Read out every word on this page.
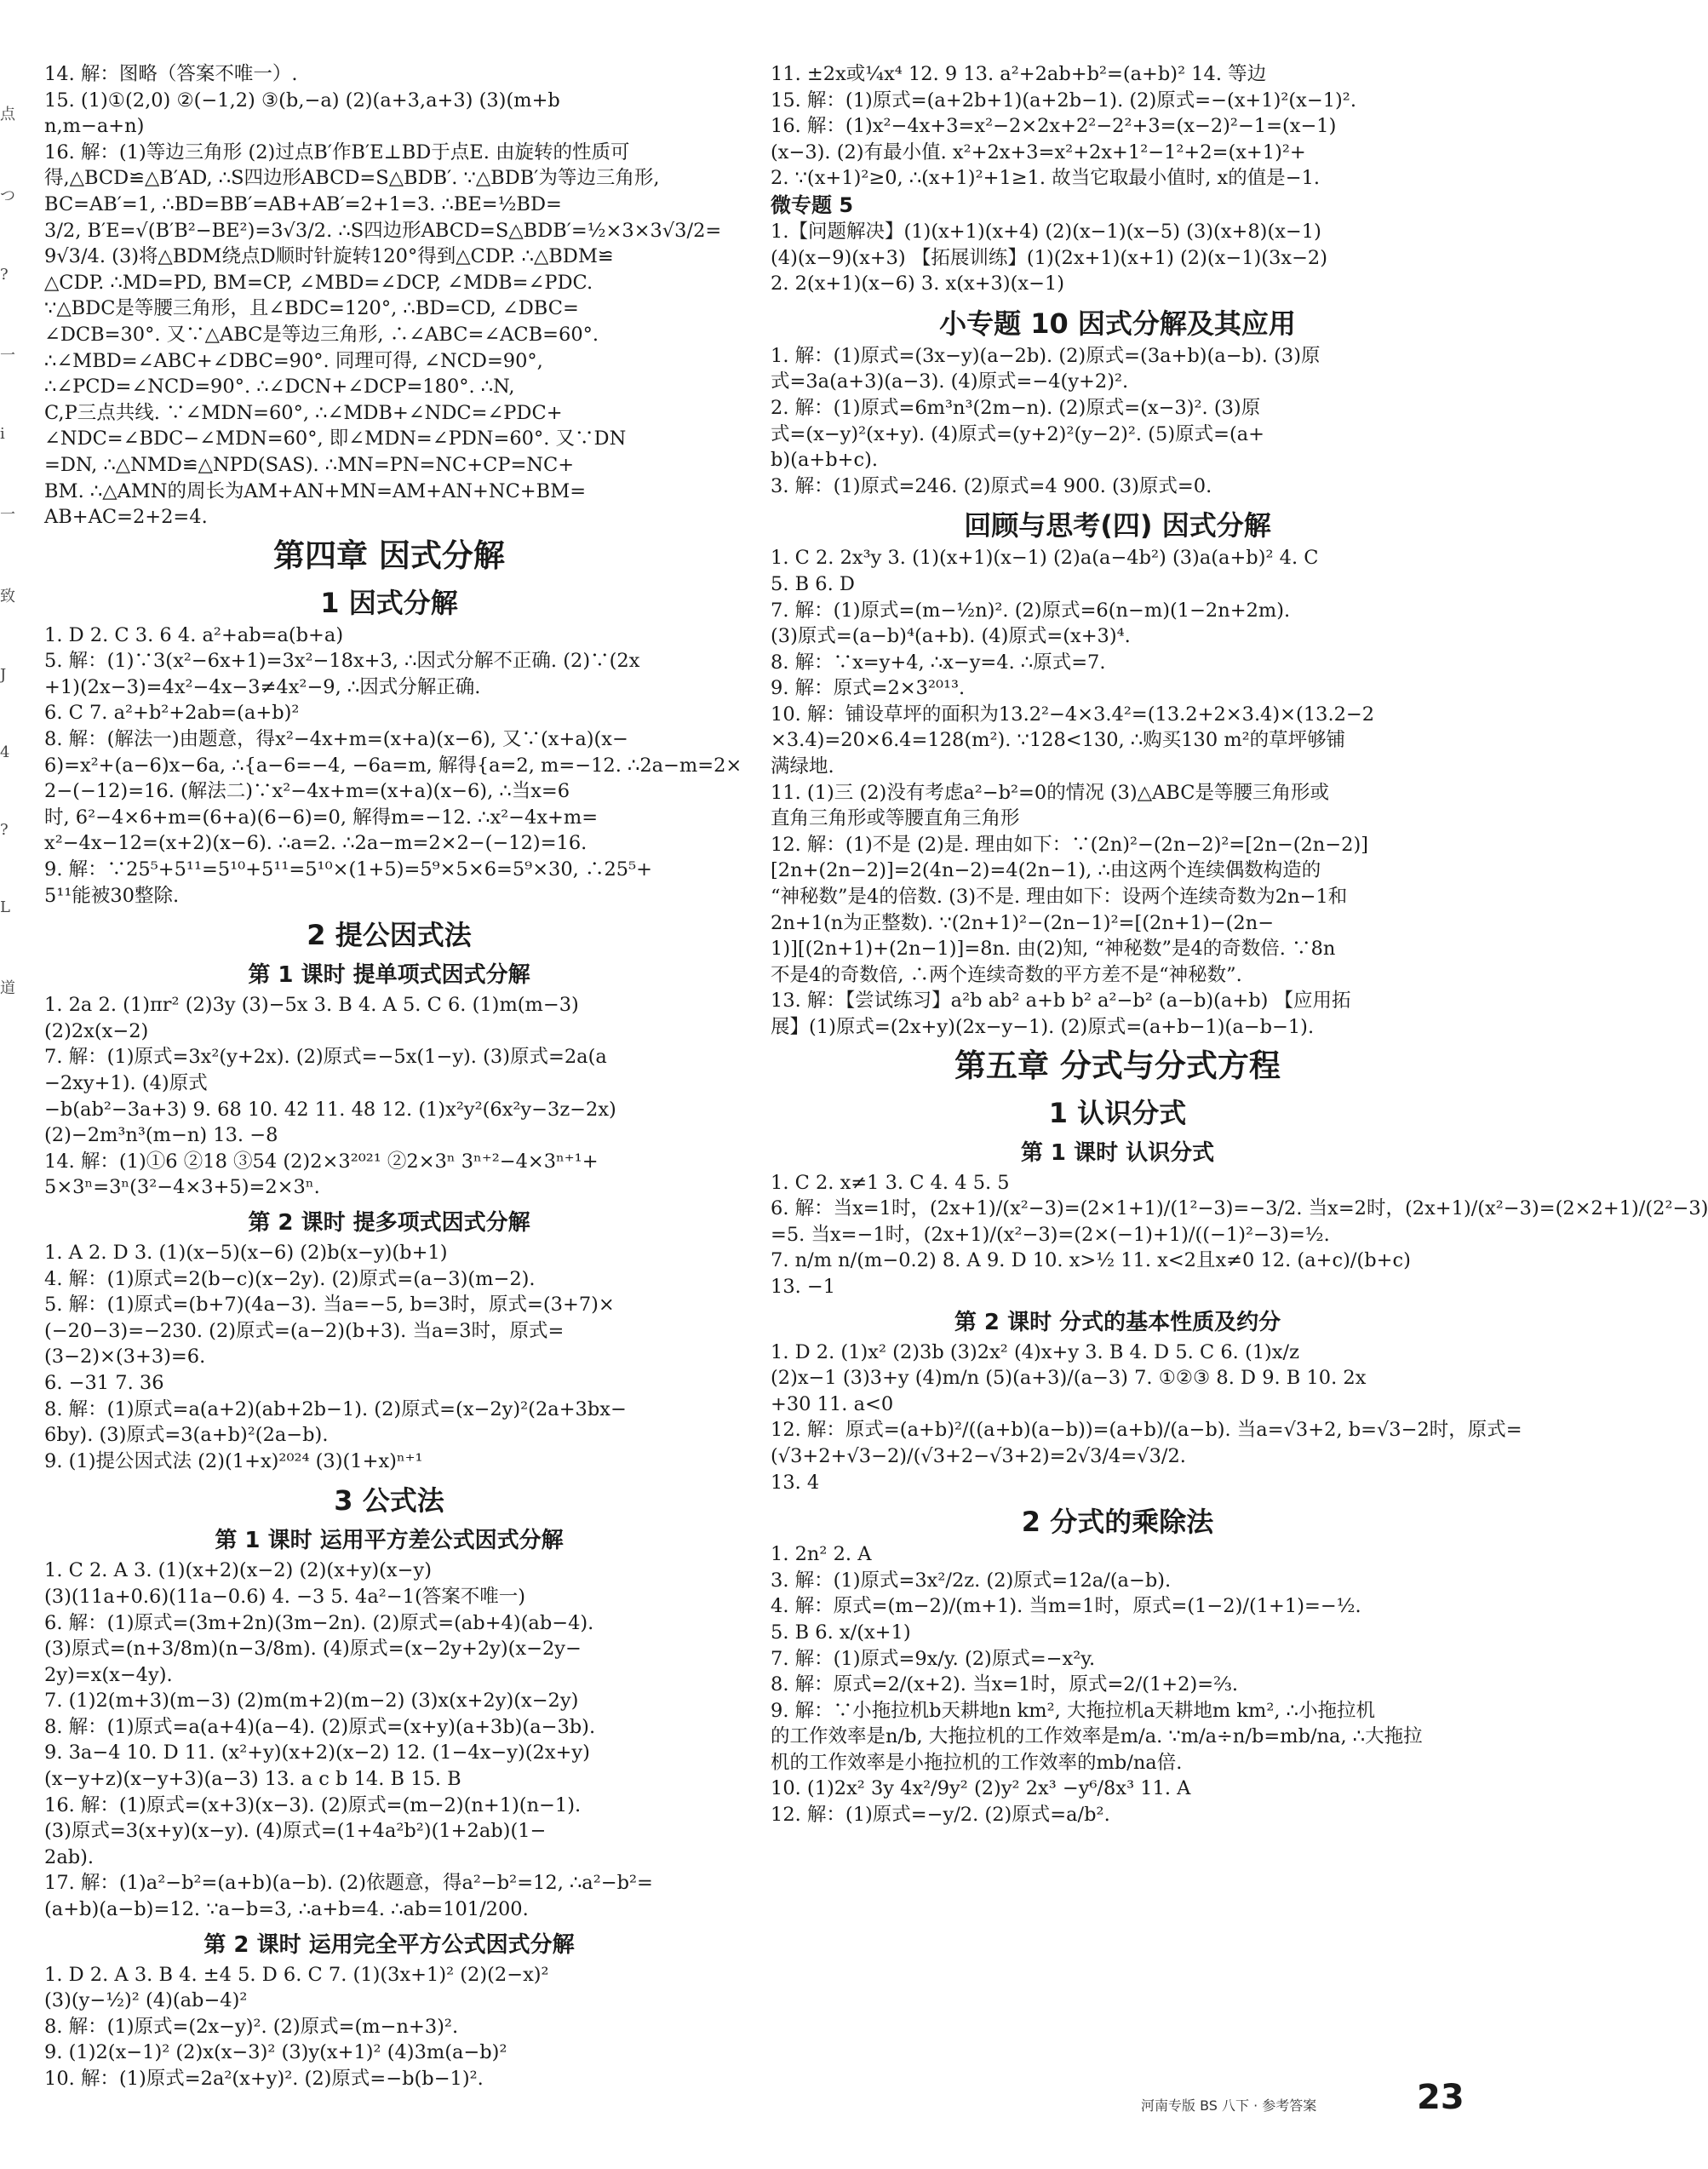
点
つ
?
一
i
一
致
J
4
?
L
道
14. 解：图略（答案不唯一）.
15. (1)①(2,0) ②(−1,2) ③(b,−a) (2)(a+3,a+3) (3)(m+b
n,m−a+n)
16. 解：(1)等边三角形 (2)过点B′作B′E⊥BD于点E. 由旋转的性质可
得,△BCD≌△B′AD, ∴S四边形ABCD=S△BDB′. ∵△BDB′为等边三角形,
BC=AB′=1, ∴BD=BB′=AB+AB′=2+1=3. ∴BE=½BD=
3/2, B′E=√(B′B²−BE²)=3√3/2. ∴S四边形ABCD=S△BDB′=½×3×3√3/2=
9√3/4. (3)将△BDM绕点D顺时针旋转120°得到△CDP. ∴△BDM≌
△CDP. ∴MD=PD, BM=CP, ∠MBD=∠DCP, ∠MDB=∠PDC.
∵△BDC是等腰三角形，且∠BDC=120°, ∴BD=CD, ∠DBC=
∠DCB=30°. 又∵△ABC是等边三角形, ∴∠ABC=∠ACB=60°.
∴∠MBD=∠ABC+∠DBC=90°. 同理可得, ∠NCD=90°,
∴∠PCD=∠NCD=90°. ∴∠DCN+∠DCP=180°. ∴N,
C,P三点共线. ∵∠MDN=60°, ∴∠MDB+∠NDC=∠PDC+
∠NDC=∠BDC−∠MDN=60°, 即∠MDN=∠PDN=60°. 又∵DN
=DN, ∴△NMD≌△NPD(SAS). ∴MN=PN=NC+CP=NC+
BM. ∴△AMN的周长为AM+AN+MN=AM+AN+NC+BM=
AB+AC=2+2=4.
第四章 因式分解
1 因式分解
1. D 2. C 3. 6 4. a²+ab=a(b+a)
5. 解：(1)∵3(x²−6x+1)=3x²−18x+3, ∴因式分解不正确. (2)∵(2x
+1)(2x−3)=4x²−4x−3≠4x²−9, ∴因式分解正确.
6. C 7. a²+b²+2ab=(a+b)²
8. 解：(解法一)由题意，得x²−4x+m=(x+a)(x−6), 又∵(x+a)(x−
6)=x²+(a−6)x−6a, ∴{a−6=−4, −6a=m, 解得{a=2, m=−12. ∴2a−m=2×
2−(−12)=16. (解法二)∵x²−4x+m=(x+a)(x−6), ∴当x=6
时, 6²−4×6+m=(6+a)(6−6)=0, 解得m=−12. ∴x²−4x+m=
x²−4x−12=(x+2)(x−6). ∴a=2. ∴2a−m=2×2−(−12)=16.
9. 解：∵25⁵+5¹¹=5¹⁰+5¹¹=5¹⁰×(1+5)=5⁹×5×6=5⁹×30, ∴25⁵+
5¹¹能被30整除.
2 提公因式法
第 1 课时 提单项式因式分解
1. 2a 2. (1)πr² (2)3y (3)−5x 3. B 4. A 5. C 6. (1)m(m−3)
(2)2x(x−2)
7. 解：(1)原式=3x²(y+2x). (2)原式=−5x(1−y). (3)原式=2a(a
−2xy+1). (4)原式
−b(ab²−3a+3) 9. 68 10. 42 11. 48 12. (1)x²y²(6x²y−3z−2x)
(2)−2m³n³(m−n) 13. −8
14. 解：(1)①6 ②18 ③54 (2)2×3²⁰²¹ ②2×3ⁿ 3ⁿ⁺²−4×3ⁿ⁺¹+
5×3ⁿ=3ⁿ(3²−4×3+5)=2×3ⁿ.
第 2 课时 提多项式因式分解
1. A 2. D 3. (1)(x−5)(x−6) (2)b(x−y)(b+1)
4. 解：(1)原式=2(b−c)(x−2y). (2)原式=(a−3)(m−2).
5. 解：(1)原式=(b+7)(4a−3). 当a=−5, b=3时，原式=(3+7)×
(−20−3)=−230. (2)原式=(a−2)(b+3). 当a=3时，原式=
(3−2)×(3+3)=6.
6. −31 7. 36
8. 解：(1)原式=a(a+2)(ab+2b−1). (2)原式=(x−2y)²(2a+3bx−
6by). (3)原式=3(a+b)²(2a−b).
9. (1)提公因式法 (2)(1+x)²⁰²⁴ (3)(1+x)ⁿ⁺¹
3 公式法
第 1 课时 运用平方差公式因式分解
1. C 2. A 3. (1)(x+2)(x−2) (2)(x+y)(x−y)
(3)(11a+0.6)(11a−0.6) 4. −3 5. 4a²−1(答案不唯一)
6. 解：(1)原式=(3m+2n)(3m−2n). (2)原式=(ab+4)(ab−4).
(3)原式=(n+3/8m)(n−3/8m). (4)原式=(x−2y+2y)(x−2y−
2y)=x(x−4y).
7. (1)2(m+3)(m−3) (2)m(m+2)(m−2) (3)x(x+2y)(x−2y)
8. 解：(1)原式=a(a+4)(a−4). (2)原式=(x+y)(a+3b)(a−3b).
9. 3a−4 10. D 11. (x²+y)(x+2)(x−2) 12. (1−4x−y)(2x+y)
(x−y+z)(x−y+3)(a−3) 13. a c b 14. B 15. B
16. 解：(1)原式=(x+3)(x−3). (2)原式=(m−2)(n+1)(n−1).
(3)原式=3(x+y)(x−y). (4)原式=(1+4a²b²)(1+2ab)(1−
2ab).
17. 解：(1)a²−b²=(a+b)(a−b). (2)依题意，得a²−b²=12, ∴a²−b²=
(a+b)(a−b)=12. ∵a−b=3, ∴a+b=4. ∴ab=101/200.
第 2 课时 运用完全平方公式因式分解
1. D 2. A 3. B 4. ±4 5. D 6. C 7. (1)(3x+1)² (2)(2−x)²
(3)(y−½)² (4)(ab−4)²
8. 解：(1)原式=(2x−y)². (2)原式=(m−n+3)².
9. (1)2(x−1)² (2)x(x−3)² (3)y(x+1)² (4)3m(a−b)²
10. 解：(1)原式=2a²(x+y)². (2)原式=−b(b−1)².
11. ±2x或¼x⁴ 12. 9 13. a²+2ab+b²=(a+b)² 14. 等边
15. 解：(1)原式=(a+2b+1)(a+2b−1). (2)原式=−(x+1)²(x−1)².
16. 解：(1)x²−4x+3=x²−2×2x+2²−2²+3=(x−2)²−1=(x−1)
(x−3). (2)有最小值. x²+2x+3=x²+2x+1²−1²+2=(x+1)²+
2. ∵(x+1)²≥0, ∴(x+1)²+1≥1. 故当它取最小值时, x的值是−1.
微专题 5
1.【问题解决】(1)(x+1)(x+4) (2)(x−1)(x−5) (3)(x+8)(x−1)
(4)(x−9)(x+3) 【拓展训练】(1)(2x+1)(x+1) (2)(x−1)(3x−2)
2. 2(x+1)(x−6) 3. x(x+3)(x−1)
小专题 10 因式分解及其应用
1. 解：(1)原式=(3x−y)(a−2b). (2)原式=(3a+b)(a−b). (3)原
式=3a(a+3)(a−3). (4)原式=−4(y+2)².
2. 解：(1)原式=6m³n³(2m−n). (2)原式=(x−3)². (3)原
式=(x−y)²(x+y). (4)原式=(y+2)²(y−2)². (5)原式=(a+
b)(a+b+c).
3. 解：(1)原式=246. (2)原式=4 900. (3)原式=0.
回顾与思考(四) 因式分解
1. C 2. 2x³y 3. (1)(x+1)(x−1) (2)a(a−4b²) (3)a(a+b)² 4. C
5. B 6. D
7. 解：(1)原式=(m−½n)². (2)原式=6(n−m)(1−2n+2m).
(3)原式=(a−b)⁴(a+b). (4)原式=(x+3)⁴.
8. 解：∵x=y+4, ∴x−y=4. ∴原式=7.
9. 解：原式=2×3²⁰¹³.
10. 解：铺设草坪的面积为13.2²−4×3.4²=(13.2+2×3.4)×(13.2−2
×3.4)=20×6.4=128(m²). ∵128<130, ∴购买130 m²的草坪够铺
满绿地.
11. (1)三 (2)没有考虑a²−b²=0的情况 (3)△ABC是等腰三角形或
直角三角形或等腰直角三角形
12. 解：(1)不是 (2)是. 理由如下：∵(2n)²−(2n−2)²=[2n−(2n−2)]
[2n+(2n−2)]=2(4n−2)=4(2n−1), ∴由这两个连续偶数构造的
“神秘数”是4的倍数. (3)不是. 理由如下：设两个连续奇数为2n−1和
2n+1(n为正整数). ∵(2n+1)²−(2n−1)²=[(2n+1)−(2n−
1)][(2n+1)+(2n−1)]=8n. 由(2)知, “神秘数”是4的奇数倍. ∵8n
不是4的奇数倍, ∴两个连续奇数的平方差不是“神秘数”.
13. 解：【尝试练习】a²b ab² a+b b² a²−b² (a−b)(a+b) 【应用拓
展】(1)原式=(2x+y)(2x−y−1). (2)原式=(a+b−1)(a−b−1).
第五章 分式与分式方程
1 认识分式
第 1 课时 认识分式
1. C 2. x≠1 3. C 4. 4 5. 5
6. 解：当x=1时，(2x+1)/(x²−3)=(2×1+1)/(1²−3)=−3/2. 当x=2时，(2x+1)/(x²−3)=(2×2+1)/(2²−3)
=5. 当x=−1时，(2x+1)/(x²−3)=(2×(−1)+1)/((−1)²−3)=½.
7. n/m n/(m−0.2) 8. A 9. D 10. x>½ 11. x<2且x≠0 12. (a+c)/(b+c)
13. −1
第 2 课时 分式的基本性质及约分
1. D 2. (1)x² (2)3b (3)2x² (4)x+y 3. B 4. D 5. C 6. (1)x/z
(2)x−1 (3)3+y (4)m/n (5)(a+3)/(a−3) 7. ①②③ 8. D 9. B 10. 2x
+30 11. a<0
12. 解：原式=(a+b)²/((a+b)(a−b))=(a+b)/(a−b). 当a=√3+2, b=√3−2时，原式=
(√3+2+√3−2)/(√3+2−√3+2)=2√3/4=√3/2.
13. 4
2 分式的乘除法
1. 2n² 2. A
3. 解：(1)原式=3x²/2z. (2)原式=12a/(a−b).
4. 解：原式=(m−2)/(m+1). 当m=1时，原式=(1−2)/(1+1)=−½.
5. B 6. x/(x+1)
7. 解：(1)原式=9x/y. (2)原式=−x²y.
8. 解：原式=2/(x+2). 当x=1时，原式=2/(1+2)=⅔.
9. 解：∵小拖拉机b天耕地n km², 大拖拉机a天耕地m km², ∴小拖拉机
的工作效率是n/b, 大拖拉机的工作效率是m/a. ∵m/a÷n/b=mb/na, ∴大拖拉
机的工作效率是小拖拉机的工作效率的mb/na倍.
10. (1)2x² 3y 4x²/9y² (2)y² 2x³ −y⁶/8x³ 11. A
12. 解：(1)原式=−y/2. (2)原式=a/b².
河南专版 BS 八下 · 参考答案	23
